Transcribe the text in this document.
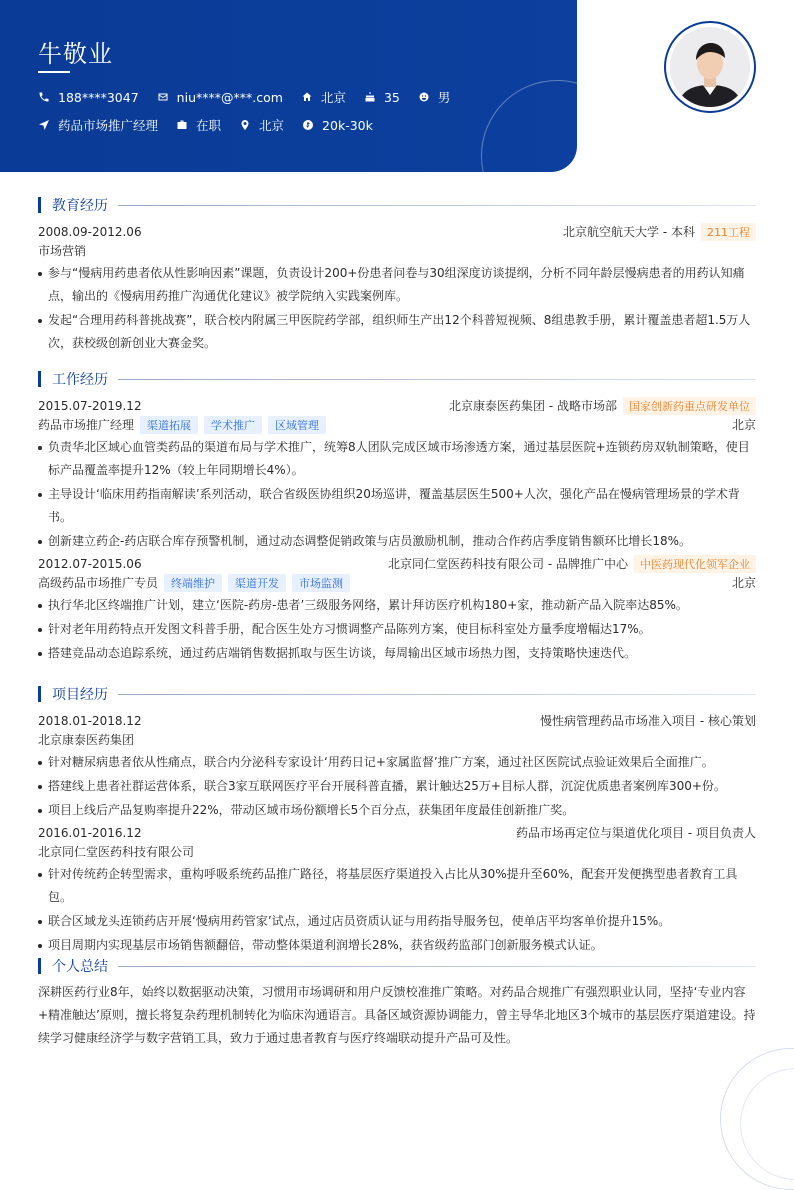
牛敬业
188****3047	niu****@***.com	北京	35	男
药品市场推广经理	在职	北京	20k-30k
教育经历
2008.09-2012.06	北京航空航天大学 - 本科	211工程
市场营销
参与“慢病用药患者依从性影响因素”课题，负责设计200+份患者问卷与30组深度访谈提纲，分析不同年龄层慢病患者的用药认知痛点，输出的《慢病用药推广沟通优化建议》被学院纳入实践案例库。
发起“合理用药科普挑战赛”，联合校内附属三甲医院药学部，组织师生产出12个科普短视频、8组患教手册，累计覆盖患者超1.5万人次，获校级创新创业大赛金奖。
工作经历
2015.07-2019.12	北京康泰医药集团 - 战略市场部	国家创新药重点研发单位
药品市场推广经理	渠道拓展	学术推广	区域管理	北京
负责华北区域心血管类药品的渠道布局与学术推广，统筹8人团队完成区域市场渗透方案，通过基层医院+连锁药房双轨制策略，使目标产品覆盖率提升12%（较上年同期增长4%）。
主导设计‘临床用药指南解读’系列活动，联合省级医协组织20场巡讲，覆盖基层医生500+人次，强化产品在慢病管理场景的学术背书。
创新建立药企-药店联合库存预警机制，通过动态调整促销政策与店员激励机制，推动合作药店季度销售额环比增长18%。
2012.07-2015.06	北京同仁堂医药科技有限公司 - 品牌推广中心	中医药现代化领军企业
高级药品市场推广专员	终端维护	渠道开发	市场监测	北京
执行华北区终端推广计划，建立‘医院-药房-患者’三级服务网络，累计拜访医疗机构180+家，推动新产品入院率达85%。
针对老年用药特点开发图文科普手册，配合医生处方习惯调整产品陈列方案，使目标科室处方量季度增幅达17%。
搭建竞品动态追踪系统，通过药店端销售数据抓取与医生访谈，每周输出区域市场热力图，支持策略快速迭代。
项目经历
2018.01-2018.12	慢性病管理药品市场准入项目 - 核心策划
北京康泰医药集团
针对糖尿病患者依从性痛点，联合内分泌科专家设计‘用药日记+家属监督’推广方案，通过社区医院试点验证效果后全面推广。
搭建线上患者社群运营体系，联合3家互联网医疗平台开展科普直播，累计触达25万+目标人群，沉淀优质患者案例库300+份。
项目上线后产品复购率提升22%，带动区域市场份额增长5个百分点，获集团年度最佳创新推广奖。
2016.01-2016.12	药品市场再定位与渠道优化项目 - 项目负责人
北京同仁堂医药科技有限公司
针对传统药企转型需求，重构呼吸系统药品推广路径，将基层医疗渠道投入占比从30%提升至60%，配套开发便携型患者教育工具包。
联合区域龙头连锁药店开展‘慢病用药管家’试点，通过店员资质认证与用药指导服务包，使单店平均客单价提升15%。
项目周期内实现基层市场销售额翻倍，带动整体渠道利润增长28%，获省级药监部门创新服务模式认证。
个人总结
深耕医药行业8年，始终以数据驱动决策，习惯用市场调研和用户反馈校准推广策略。对药品合规推广有强烈职业认同，坚持‘专业内容+精准触达’原则，擅长将复杂药理机制转化为临床沟通语言。具备区域资源协调能力，曾主导华北地区3个城市的基层医疗渠道建设。持续学习健康经济学与数字营销工具，致力于通过患者教育与医疗终端联动提升产品可及性。
